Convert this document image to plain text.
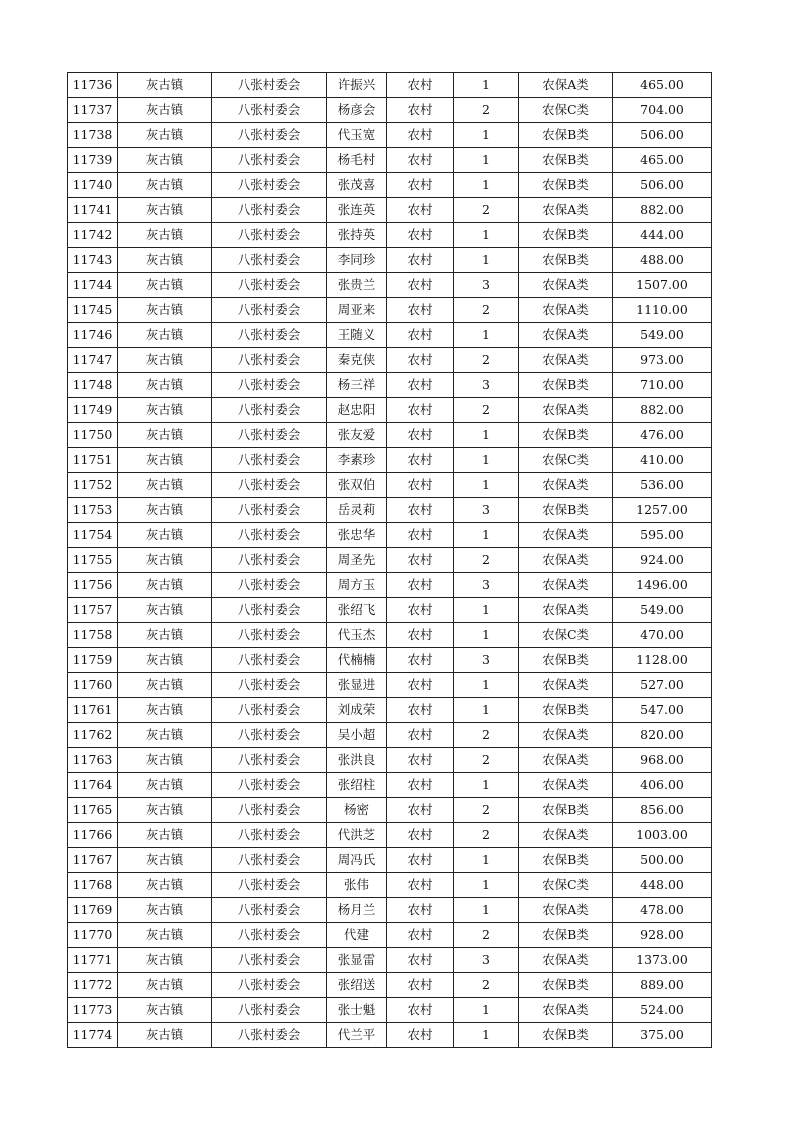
11736	灰古镇	八张村委会	许振兴	农村	1	农保A类	465.00
11737	灰古镇	八张村委会	杨彦会	农村	2	农保C类	704.00
11738	灰古镇	八张村委会	代玉宽	农村	1	农保B类	506.00
11739	灰古镇	八张村委会	杨毛村	农村	1	农保B类	465.00
11740	灰古镇	八张村委会	张茂喜	农村	1	农保B类	506.00
11741	灰古镇	八张村委会	张连英	农村	2	农保A类	882.00
11742	灰古镇	八张村委会	张持英	农村	1	农保B类	444.00
11743	灰古镇	八张村委会	李同珍	农村	1	农保B类	488.00
11744	灰古镇	八张村委会	张贵兰	农村	3	农保A类	1507.00
11745	灰古镇	八张村委会	周亚来	农村	2	农保A类	1110.00
11746	灰古镇	八张村委会	王随义	农村	1	农保A类	549.00
11747	灰古镇	八张村委会	秦克侠	农村	2	农保A类	973.00
11748	灰古镇	八张村委会	杨三祥	农村	3	农保B类	710.00
11749	灰古镇	八张村委会	赵忠阳	农村	2	农保A类	882.00
11750	灰古镇	八张村委会	张友爱	农村	1	农保B类	476.00
11751	灰古镇	八张村委会	李素珍	农村	1	农保C类	410.00
11752	灰古镇	八张村委会	张双伯	农村	1	农保A类	536.00
11753	灰古镇	八张村委会	岳灵莉	农村	3	农保B类	1257.00
11754	灰古镇	八张村委会	张忠华	农村	1	农保A类	595.00
11755	灰古镇	八张村委会	周圣先	农村	2	农保A类	924.00
11756	灰古镇	八张村委会	周方玉	农村	3	农保A类	1496.00
11757	灰古镇	八张村委会	张绍飞	农村	1	农保A类	549.00
11758	灰古镇	八张村委会	代玉杰	农村	1	农保C类	470.00
11759	灰古镇	八张村委会	代楠楠	农村	3	农保B类	1128.00
11760	灰古镇	八张村委会	张显进	农村	1	农保A类	527.00
11761	灰古镇	八张村委会	刘成荣	农村	1	农保B类	547.00
11762	灰古镇	八张村委会	吴小超	农村	2	农保A类	820.00
11763	灰古镇	八张村委会	张洪良	农村	2	农保A类	968.00
11764	灰古镇	八张村委会	张绍柱	农村	1	农保A类	406.00
11765	灰古镇	八张村委会	杨密	农村	2	农保B类	856.00
11766	灰古镇	八张村委会	代洪芝	农村	2	农保A类	1003.00
11767	灰古镇	八张村委会	周冯氏	农村	1	农保B类	500.00
11768	灰古镇	八张村委会	张伟	农村	1	农保C类	448.00
11769	灰古镇	八张村委会	杨月兰	农村	1	农保A类	478.00
11770	灰古镇	八张村委会	代建	农村	2	农保B类	928.00
11771	灰古镇	八张村委会	张显雷	农村	3	农保A类	1373.00
11772	灰古镇	八张村委会	张绍送	农村	2	农保B类	889.00
11773	灰古镇	八张村委会	张士魁	农村	1	农保A类	524.00
11774	灰古镇	八张村委会	代兰平	农村	1	农保B类	375.00
